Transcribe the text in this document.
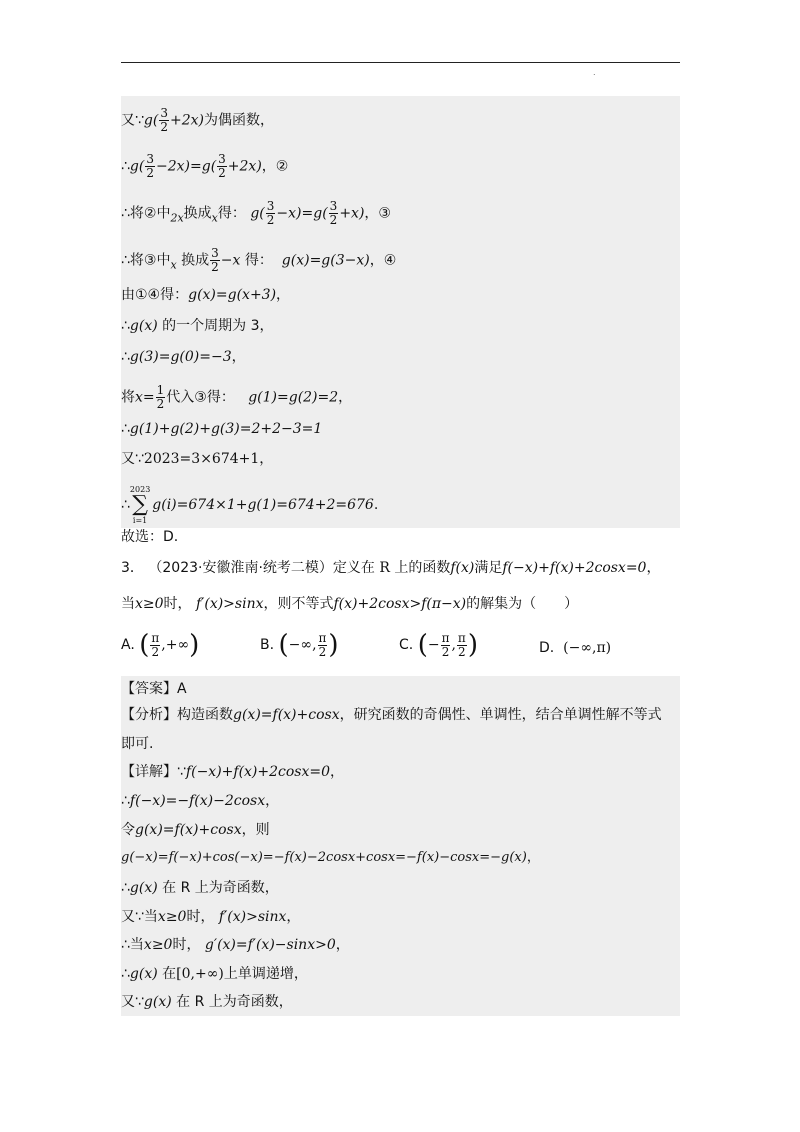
.
又∵g( $\frac{3}{2} +2x$)为偶函数，
∴g( $\frac{3}{2} -2x)=g( \frac{3}{2} +2x)$，②
∴将②中$_{2x}$换成$_x$得： $g( \frac{3}{2} -x)=g( \frac{3}{2} +x)$，③
∴将③中$_x$ 换成 $\frac{3}{2} -x$ 得： g(x)=g(3−x)，④
由①④得：g(x)=g(x+3)，
∴g(x) 的一个周期为 3，
∴g(3)=g(0)=−3，
将$x= \frac{1}{2}$ 代入③得： g(1)=g(2)=2，
∴g(1)+g(2)+g(3)=2+2−3=1
又∵2023=3×674+1，
∴
2023
∑
i=1
g(i)=674×1+g(1)=674+2=676.
故选：D.
3． （2023·安徽淮南·统考二模）定义在 R 上的函数f(x)满足f(−x)+f(x)+2cosx=0，
当x≥0时， f′(x)>sinx，则不等式f(x)+2cosx>f(π−x)的解集为（　　）
A. ( $\frac{\pi}{2}$ ,+∞)	B. (−∞, $\frac{\pi}{2}$ )	C. (− $\frac{\pi}{2}$ , $\frac{\pi}{2}$ )	D. (−∞,π)
【答案】A
【分析】构造函数g(x)=f(x)+cosx，研究函数的奇偶性、单调性，结合单调性解不等式
即可.
【详解】∵f(−x)+f(x)+2cosx=0，
∴f(−x)=−f(x)−2cosx，
令g(x)=f(x)+cosx，则
g(−x)=f(−x)+cos(−x)=−f(x)−2cosx+cosx=−f(x)−cosx=−g(x)，
∴g(x) 在 R 上为奇函数，
又∵当x≥0时， f′(x)>sinx，
∴当x≥0时， g′(x)=f′(x)−sinx>0，
∴g(x) 在[0,+∞)上单调递增，
又∵g(x) 在 R 上为奇函数，
